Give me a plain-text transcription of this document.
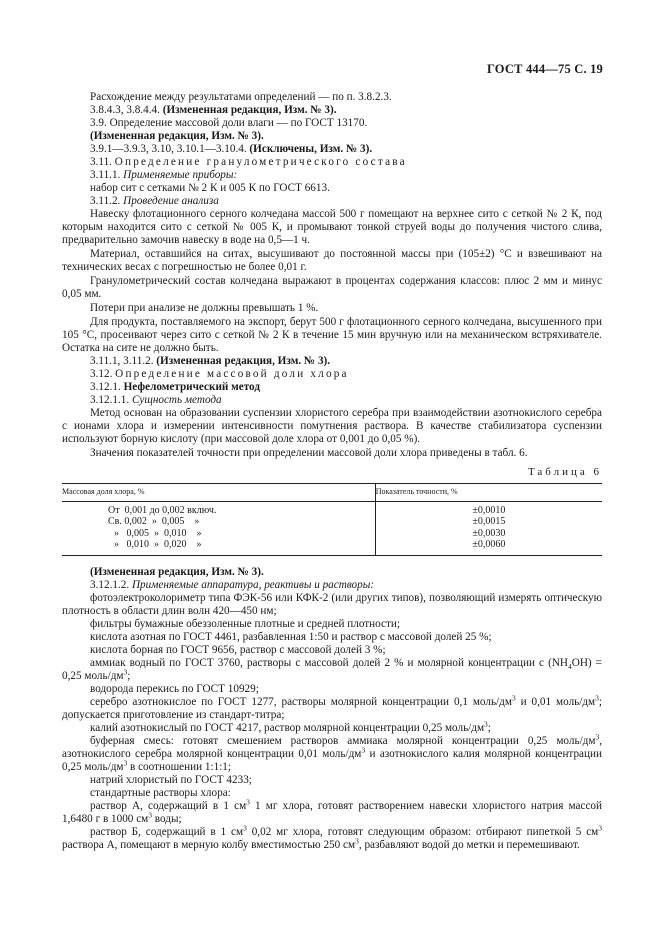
ГОСТ 444—75 С. 19

Расхождение между результатами определений — по п. 3.8.2.3.

3.8.4.3, 3.8.4.4. (Измененная редакция, Изм. № 3).

3.9. Определение массовой доли влаги — по ГОСТ 13170.

(Измененная редакция, Изм. № 3).

3.9.1—3.9.3, 3.10, 3.10.1—3.10.4. (Исключены, Изм. № 3).

3.11. Определение гранулометрического состава

3.11.1. Применяемые приборы:

набор сит с сетками № 2 К и 005 К по ГОСТ 6613.

3.11.2. Проведение анализа

Навеску флотационного серного колчедана массой 500 г помещают на верхнее сито с сеткой № 2 К, под которым находится сито с сеткой № 005 К, и промывают тонкой струей воды до получения чистого слива, предварительно замочив навеску в воде на 0,5—1 ч.

Материал, оставшийся на ситах, высушивают до постоянной массы при (105±2) °С и взвешивают на технических весах с погрешностью не более 0,01 г.

Гранулометрический состав колчедана выражают в процентах содержания классов: плюс 2 мм и минус 0,05 мм.

Потери при анализе не должны превышать 1 %.

Для продукта, поставляемого на экспорт, берут 500 г флотационного серного колчедана, высушенного при 105 °С, просеивают через сито с сеткой № 2 К в течение 15 мин вручную или на механическом встряхивателе. Остатка на сите не должно быть.

3.11.1, 3.11.2. (Измененная редакция, Изм. № 3).

3.12. Определение массовой доли хлора

3.12.1. Нефелометрический метод

3.12.1.1. Сущность метода

Метод основан на образовании суспензии хлористого серебра при взаимодействии азотнокислого серебра с ионами хлора и измерении интенсивности помутнения раствора. В качестве стабилизатора суспензии используют борную кислоту (при массовой доле хлора от 0,001 до 0,05 %).

Значения показателей точности при определении массовой доли хлора приведены в табл. 6.

Таблица 6
Массовая доля хлора, %	Показатель точности, %
От  0,001 до 0,002 включ.	±0,0010
Св. 0,002  »  0,005    »	±0,0015
»   0,005  »  0,010    »	±0,0030
»   0,010  »  0,020    »	±0,0060

(Измененная редакция, Изм. № 3).

3.12.1.2. Применяемые аппаратура, реактивы и растворы:

фотоэлектроколориметр типа ФЭК-56 или КФК-2 (или других типов), позволяющий измерять оптическую плотность в области длин волн 420—450 нм;

фильтры бумажные обеззоленные плотные и средней плотности;

кислота азотная по ГОСТ 4461, разбавленная 1:50 и раствор с массовой долей 25 %;

кислота борная по ГОСТ 9656, раствор с массовой долей 3 %;

аммиак водный по ГОСТ 3760, растворы с массовой долей 2 % и молярной концентрации c $(NH_4OH) = 0,25$ моль/$дм^3$;

водорода перекись по ГОСТ 10929;

серебро азотнокислое по ГОСТ 1277, растворы молярной концентрации 0,1 моль/$дм^3$ и 0,01 моль/$дм^3$; допускается приготовление из стандарт-титра;

калий азотнокислый по ГОСТ 4217, раствор молярной концентрации 0,25 моль/$дм^3$;

буферная смесь: готовят смешением растворов аммиака молярной концентрации 0,25 моль/$дм^3$, азотнокислого серебра молярной концентрации 0,01 моль/$дм^3$ и азотнокислого калия молярной концентрации 0,25 моль/$дм^3$ в соотношении 1:1:1;

натрий хлористый по ГОСТ 4233;

стандартные растворы хлора:

раствор А, содержащий в 1 $см^3$ 1 мг хлора, готовят растворением навески хлористого натрия массой 1,6480 г в 1000 $см^3$ воды;

раствор Б, содержащий в 1 $см^3$ 0,02 мг хлора, готовят следующим образом: отбирают пипеткой 5 $см^3$ раствора А, помещают в мерную колбу вместимостью 250 $см^3$, разбавляют водой до метки и перемешивают.
